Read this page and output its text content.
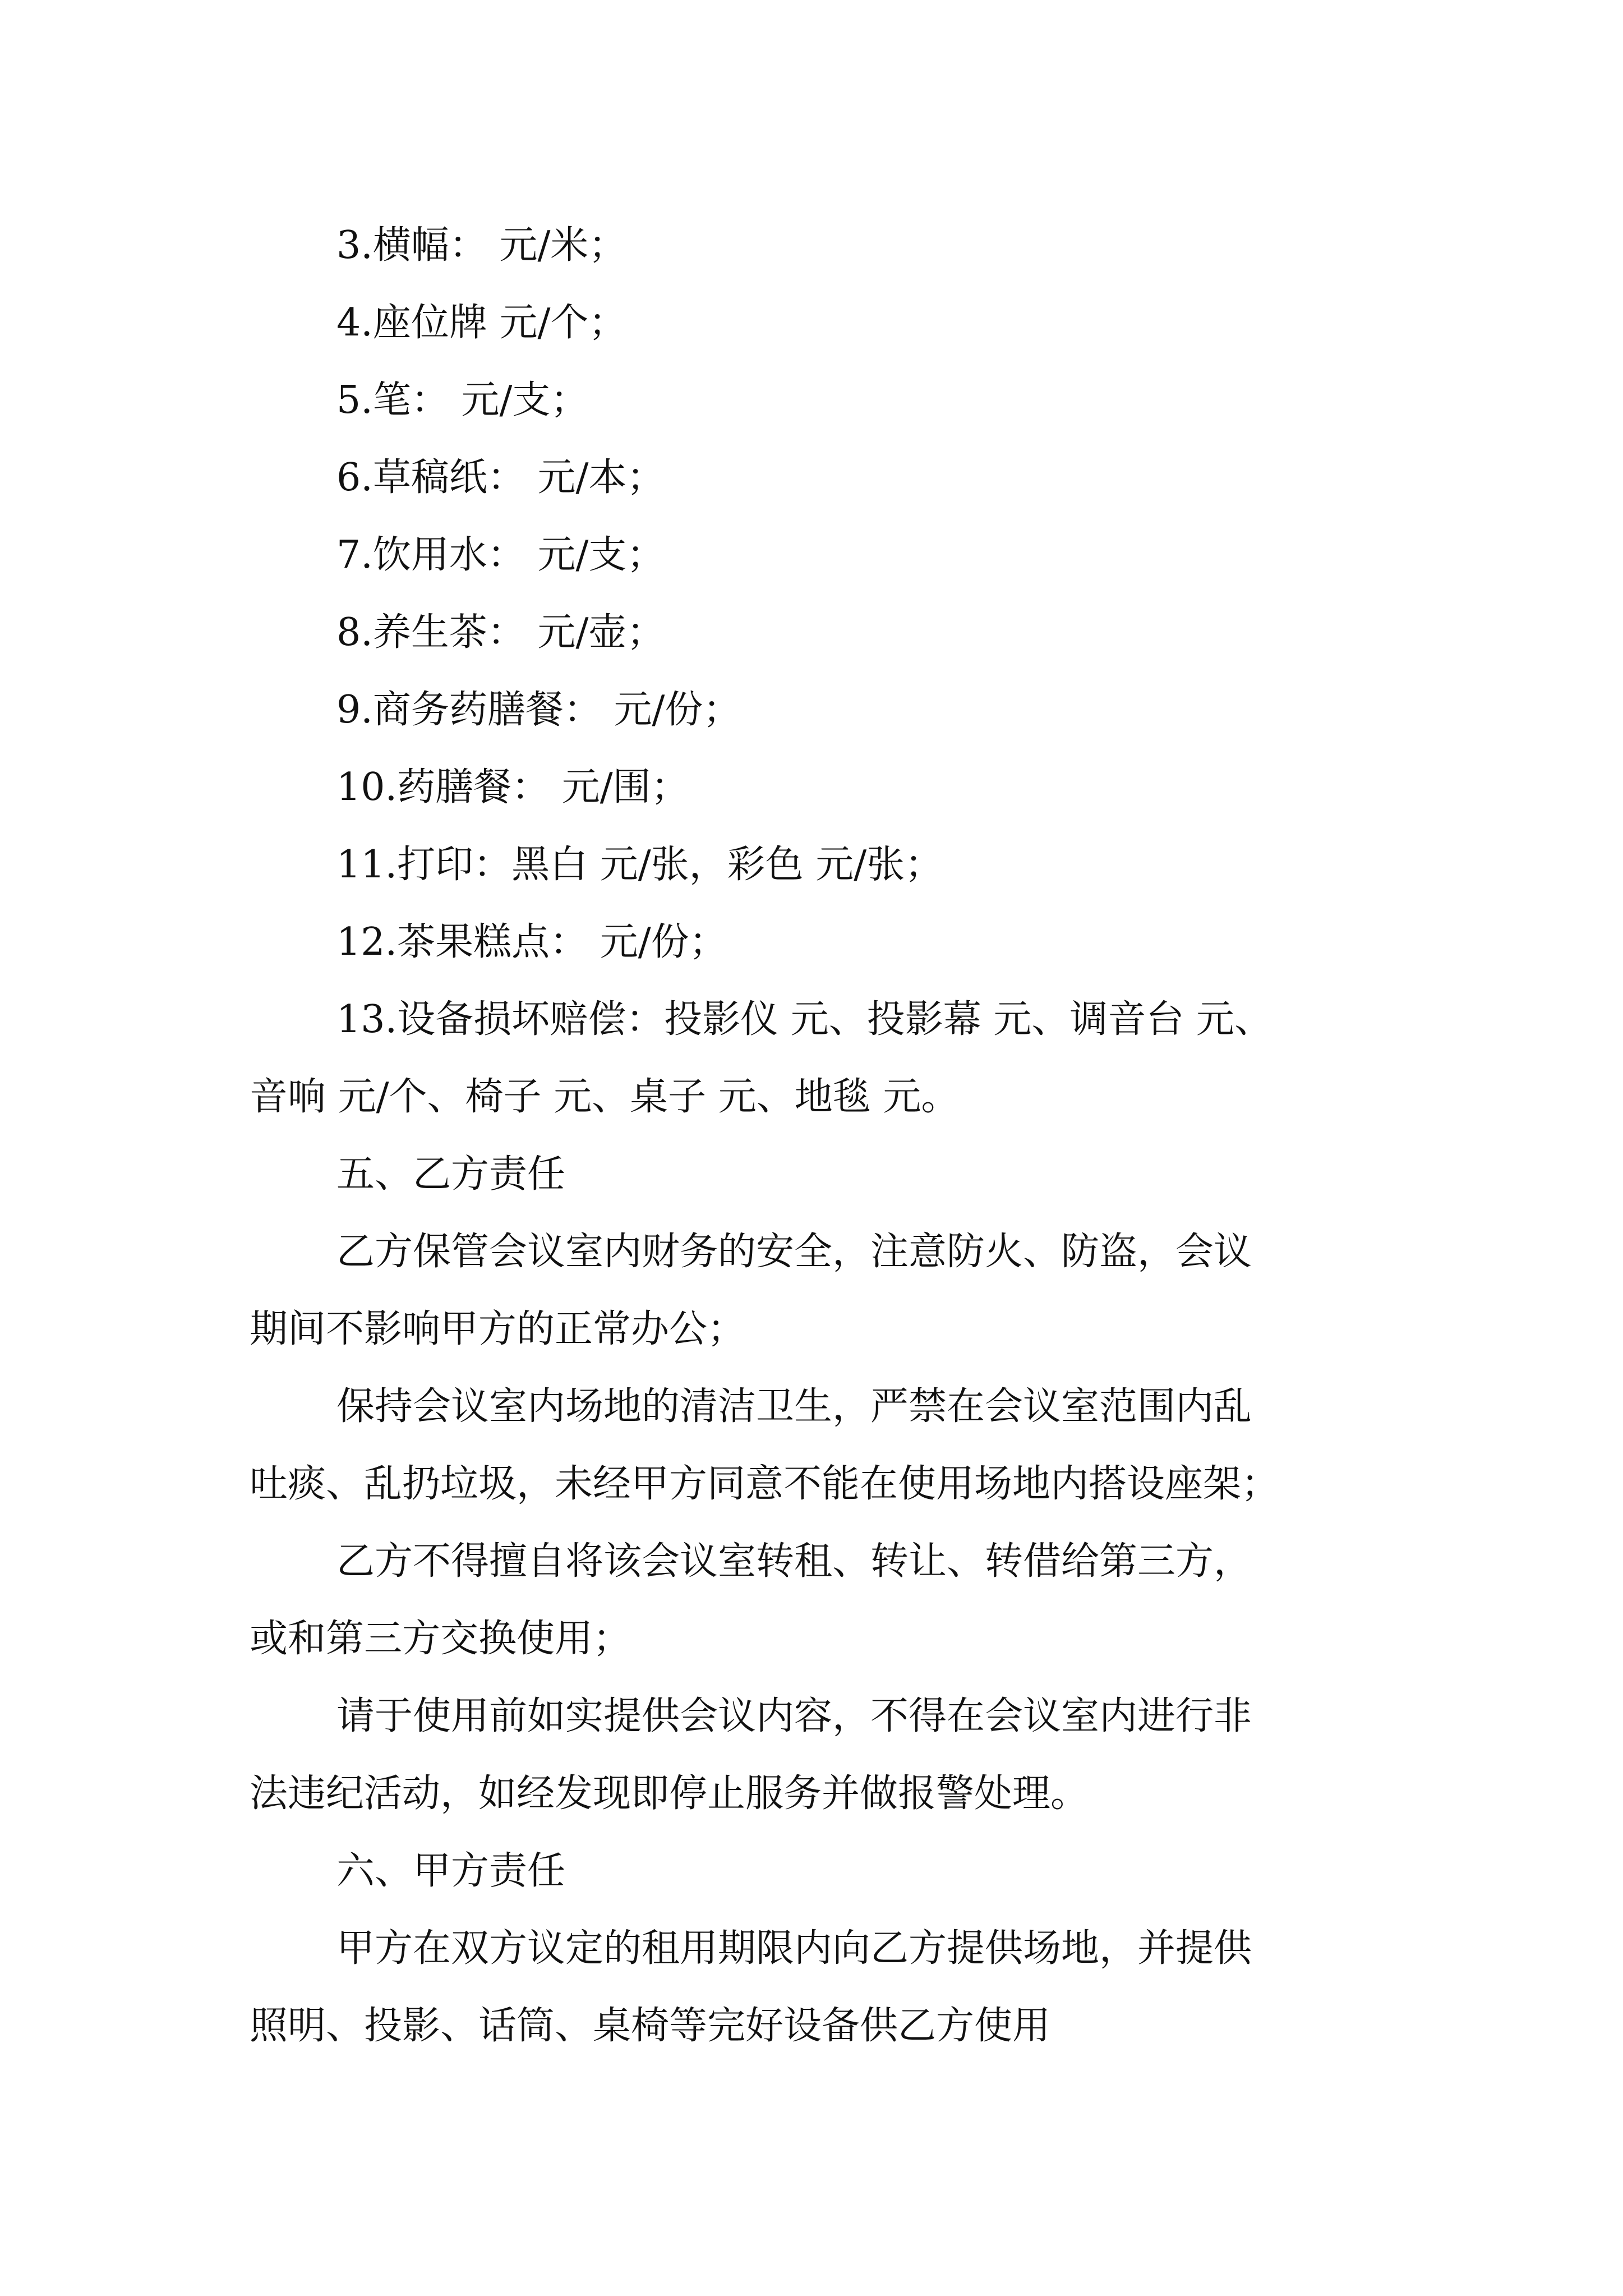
3.横幅： 元/米；
4.座位牌 元/个；
5.笔： 元/支；
6.草稿纸： 元/本；
7.饮用水： 元/支；
8.养生茶： 元/壶；
9.商务药膳餐： 元/份；
10.药膳餐： 元/围；
11.打印：黑白 元/张，彩色 元/张；
12.茶果糕点： 元/份；
13.设备损坏赔偿：投影仪 元、投影幕 元、调音台 元、
音响 元/个、椅子 元、桌子 元、地毯 元。
五、乙方责任
乙方保管会议室内财务的安全，注意防火、防盗，会议
期间不影响甲方的正常办公；
保持会议室内场地的清洁卫生，严禁在会议室范围内乱
吐痰、乱扔垃圾，未经甲方同意不能在使用场地内搭设座架；
乙方不得擅自将该会议室转租、转让、转借给第三方，
或和第三方交换使用；
请于使用前如实提供会议内容，不得在会议室内进行非
法违纪活动，如经发现即停止服务并做报警处理。
六、甲方责任
甲方在双方议定的租用期限内向乙方提供场地，并提供
照明、投影、话筒、桌椅等完好设备供乙方使用
